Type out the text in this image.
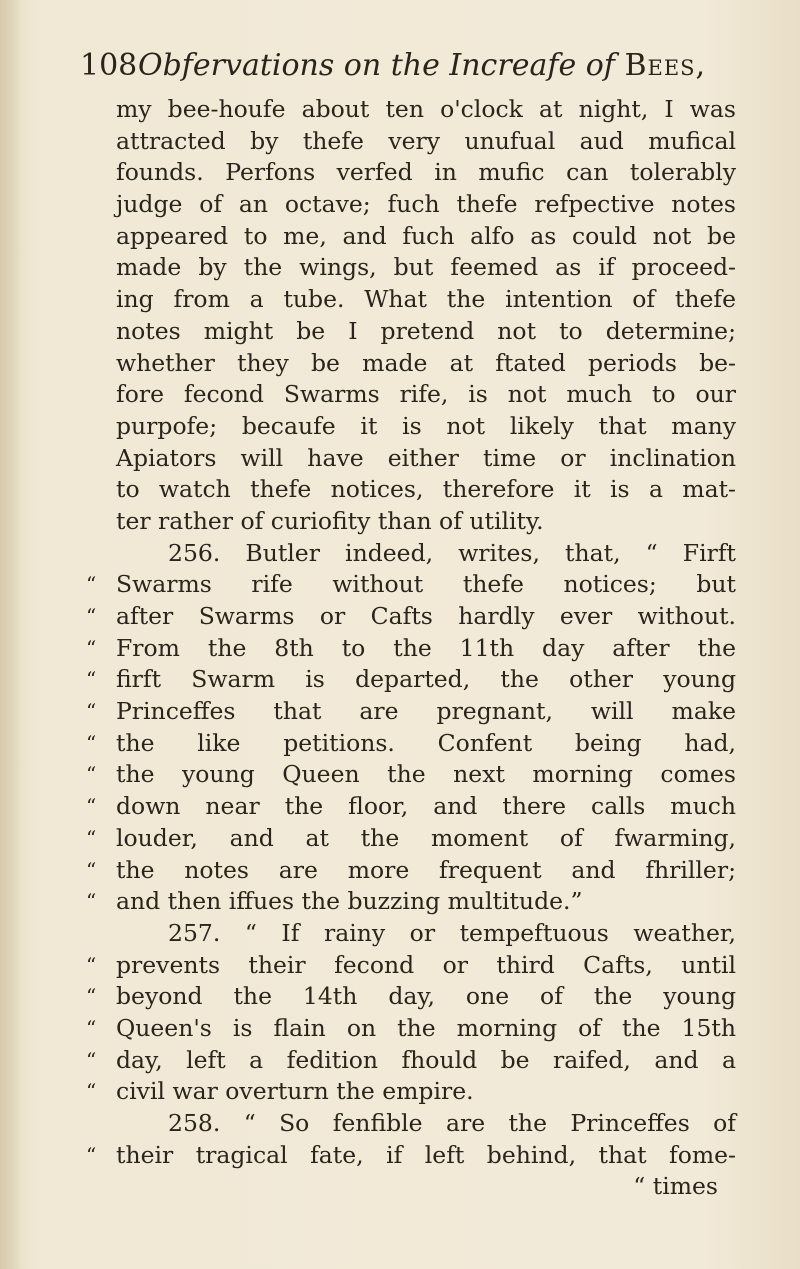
108 Obfervations on the Increafe of Bees,
my bee-houfe about ten o'clock at night, I was
attracted by thefe very unufual aud mufical
founds. Perfons verfed in mufic can tolerably
judge of an octave; fuch thefe refpective notes
appeared to me, and fuch alfo as could not be
made by the wings, but feemed as if proceed-
ing from a tube. What the intention of thefe
notes might be I pretend not to determine;
whether they be made at ftated periods be-
fore fecond Swarms rife, is not much to our
purpofe; becaufe it is not likely that many
Apiators will have either time or inclination
to watch thefe notices, therefore it is a mat-
ter rather of curiofity than of utility.
256. Butler indeed, writes, that, “ Firft
“ Swarms rife without thefe notices; but
“ after Swarms or Cafts hardly ever without.
“ From the 8th to the 11th day after the
“ firft Swarm is departed, the other young
“ Princeffes that are pregnant, will make
“ the like petitions. Confent being had,
“ the young Queen the next morning comes
“ down near the floor, and there calls much
“ louder, and at the moment of fwarming,
“ the notes are more frequent and fhriller;
“ and then iffues the buzzing multitude.”
257. “ If rainy or tempeftuous weather,
“ prevents their fecond or third Cafts, until
“ beyond the 14th day, one of the young
“ Queen's is flain on the morning of the 15th
“ day, left a fedition fhould be raifed, and a
“ civil war overturn the empire.
258. “ So fenfible are the Princeffes of
“ their tragical fate, if left behind, that fome-
“ times
